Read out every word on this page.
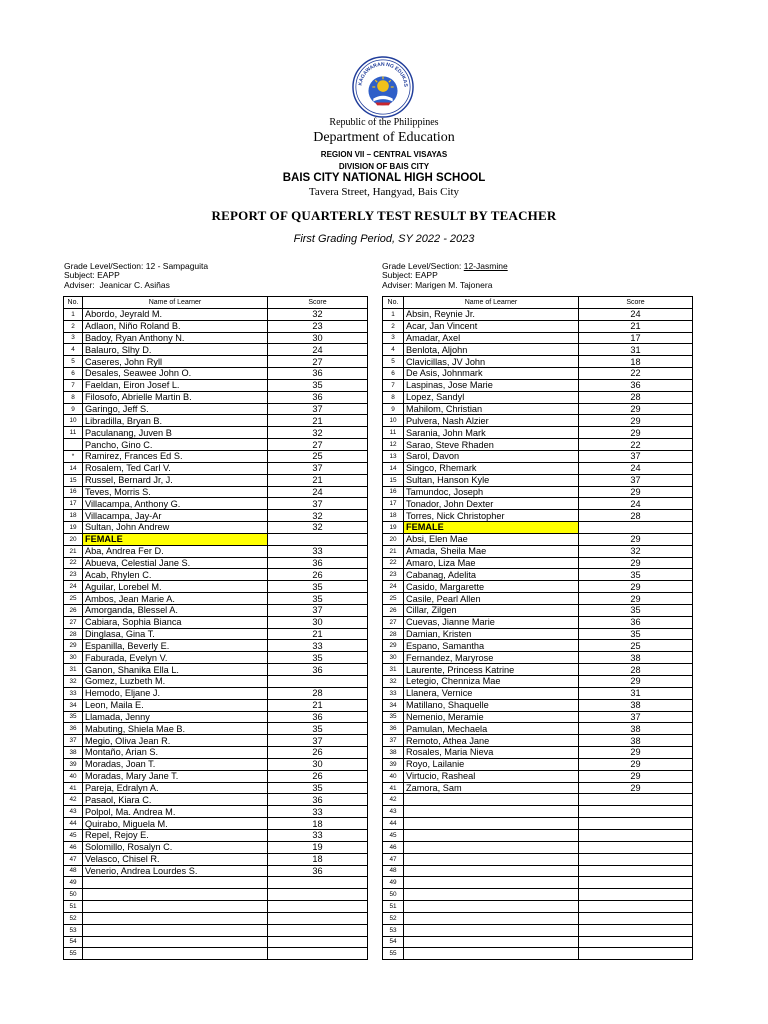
KAGAWARAN NG EDUKAS
Republic of the Philippines
Department of Education
REGION VII – CENTRAL VISAYAS
DIVISION OF BAIS CITY
BAIS CITY NATIONAL HIGH SCHOOL
Tavera Street, Hangyad, Bais City
REPORT OF QUARTERLY TEST RESULT BY TEACHER
First Grading Period, SY 2022 - 2023
Grade Level/Section: 12 - Sampaguita
Subject: EAPP
Adviser: Jeanicar C. Asiñas
Grade Level/Section: 12-Jasmine
Subject: EAPP
Adviser: Marigen M. Tajonera
No.	Name of Learner	Score
1	Abordo, Jeyrald M.	32
2	Adlaon, Niño Roland B.	23
3	Badoy, Ryan Anthony N.	30
4	Balauro, Slhy D.	24
5	Caseres, John Ryll	27
6	Desales, Seawee John O.	36
7	Faeldan, Eiron Josef L.	35
8	Filosofo, Abrielle Martin B.	36
9	Garingo, Jeff S.	37
10	Libradilla, Bryan B.	21
11	Paculanang, Juven B	32
	Pancho, Gino C.	27
*	Ramirez, Frances Ed S.	25
14	Rosalem, Ted Carl V.	37
15	Russel, Bernard Jr, J.	21
16	Teves, Morris S.	24
17	Villacampa, Anthony G.	37
18	Villacampa, Jay-Ar	32
19	Sultan, John Andrew	32
20	FEMALE	
21	Aba, Andrea Fer D.	33
22	Abueva, Celestial Jane S.	36
23	Acab, Rhylen C.	26
24	Aguilar, Lorebel M.	35
25	Ambos, Jean Marie A.	35
26	Amorganda, Blessel A.	37
27	Cabiara, Sophia Bianca	30
28	Dinglasa, Gina T.	21
29	Espanilla, Beverly E.	33
30	Faburada, Evelyn V.	35
31	Ganon, Shanika Ella L.	36
32	Gomez, Luzbeth M.	
33	Hemodo, Eljane J.	28
34	Leon, Maila E.	21
35	Llamada, Jenny	36
36	Mabuting, Shiela Mae B.	35
37	Megio, Oliva Jean R.	37
38	Montaño, Arian S.	26
39	Moradas, Joan T.	30
40	Moradas, Mary Jane T.	26
41	Pareja, Edralyn A.	35
42	Pasaol, Kiara C.	36
43	Polpol, Ma. Andrea M.	33
44	Quirabo, Miguela M.	18
45	Repel, Rejoy E.	33
46	Solomillo, Rosalyn C.	19
47	Velasco, Chisel R.	18
48	Venerio, Andrea Lourdes S.	36
49		
50		
51		
52		
53		
54		
55		
No.	Name of Learner	Score
1	Absin, Reynie Jr.	24
2	Acar, Jan Vincent	21
3	Amadar, Axel	17
4	Benlota, Aljohn	31
5	Clavicillas, JV John	18
6	De Asis, Johnmark	22
7	Laspinas, Jose Marie	36
8	Lopez, Sandyl	28
9	Mahilom, Christian	29
10	Pulvera, Nash Alzier	29
11	Sarania, John Mark	29
12	Sarao, Steve Rhaden	22
13	Sarol, Davon	37
14	Singco, Rhemark	24
15	Sultan, Hanson Kyle	37
16	Tamundoc, Joseph	29
17	Tonador, John Dexter	24
18	Torres, Nick Christopher	28
19	FEMALE	
20	Absi, Elen Mae	29
21	Amada, Sheila Mae	32
22	Amaro, Liza Mae	29
23	Cabanag, Adelita	35
24	Casido, Margarette	29
25	Casile, Pearl Allen	29
26	Cillar, Zilgen	35
27	Cuevas, Jianne Marie	36
28	Damian, Kristen	35
29	Espano, Samantha	25
30	Fernandez, Maryrose	38
31	Laurente, Princess Katrine	28
32	Letegio, Chenniza Mae	29
33	Llanera, Vernice	31
34	Matillano, Shaquelle	38
35	Nemenio, Meramie	37
36	Pamulan, Mechaela	38
37	Remoto, Athea Jane	38
38	Rosales, Maria Nieva	29
39	Royo, Lailanie	29
40	Virtucio, Rasheal	29
41	Zamora, Sam	29
42		
43		
44		
45		
46		
47		
48		
49		
50		
51		
52		
53		
54		
55		
